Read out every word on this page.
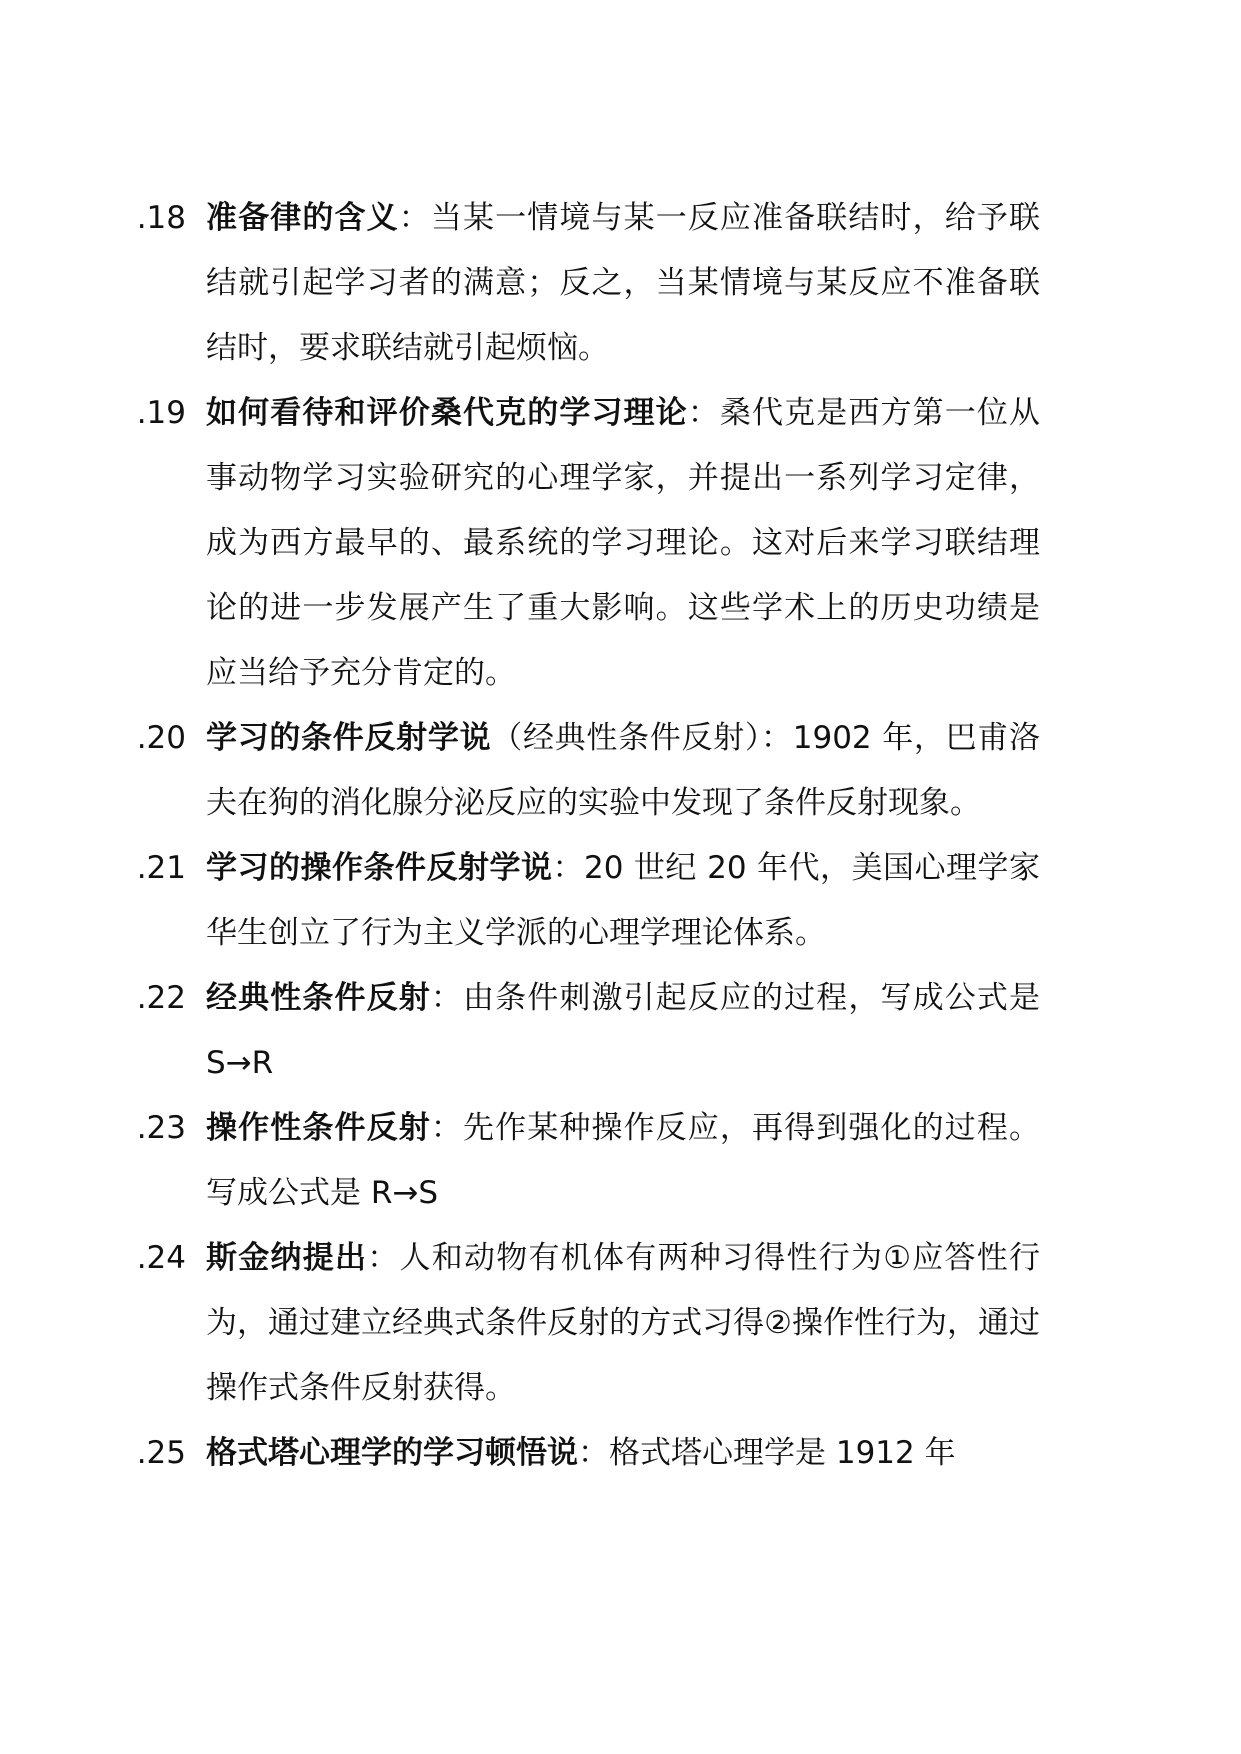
18. 准备律的含义：当某一情境与某一反应准备联结时，给予联结就引起学习者的满意；反之，当某情境与某反应不准备联结时，要求联结就引起烦恼。
19. 如何看待和评价桑代克的学习理论：桑代克是西方第一位从事动物学习实验研究的心理学家，并提出一系列学习定律，成为西方最早的、最系统的学习理论。这对后来学习联结理论的进一步发展产生了重大影响。这些学术上的历史功绩是应当给予充分肯定的。
20. 学习的条件反射学说（经典性条件反射）：1902 年，巴甫洛夫在狗的消化腺分泌反应的实验中发现了条件反射现象。
21. 学习的操作条件反射学说：20 世纪 20 年代，美国心理学家华生创立了行为主义学派的心理学理论体系。
22. 经典性条件反射：由条件刺激引起反应的过程，写成公式是 S→R
23. 操作性条件反射：先作某种操作反应，再得到强化的过程。写成公式是 R→S
24. 斯金纳提出：人和动物有机体有两种习得性行为①应答性行为，通过建立经典式条件反射的方式习得②操作性行为，通过操作式条件反射获得。
25. 格式塔心理学的学习顿悟说：格式塔心理学是 1912 年
